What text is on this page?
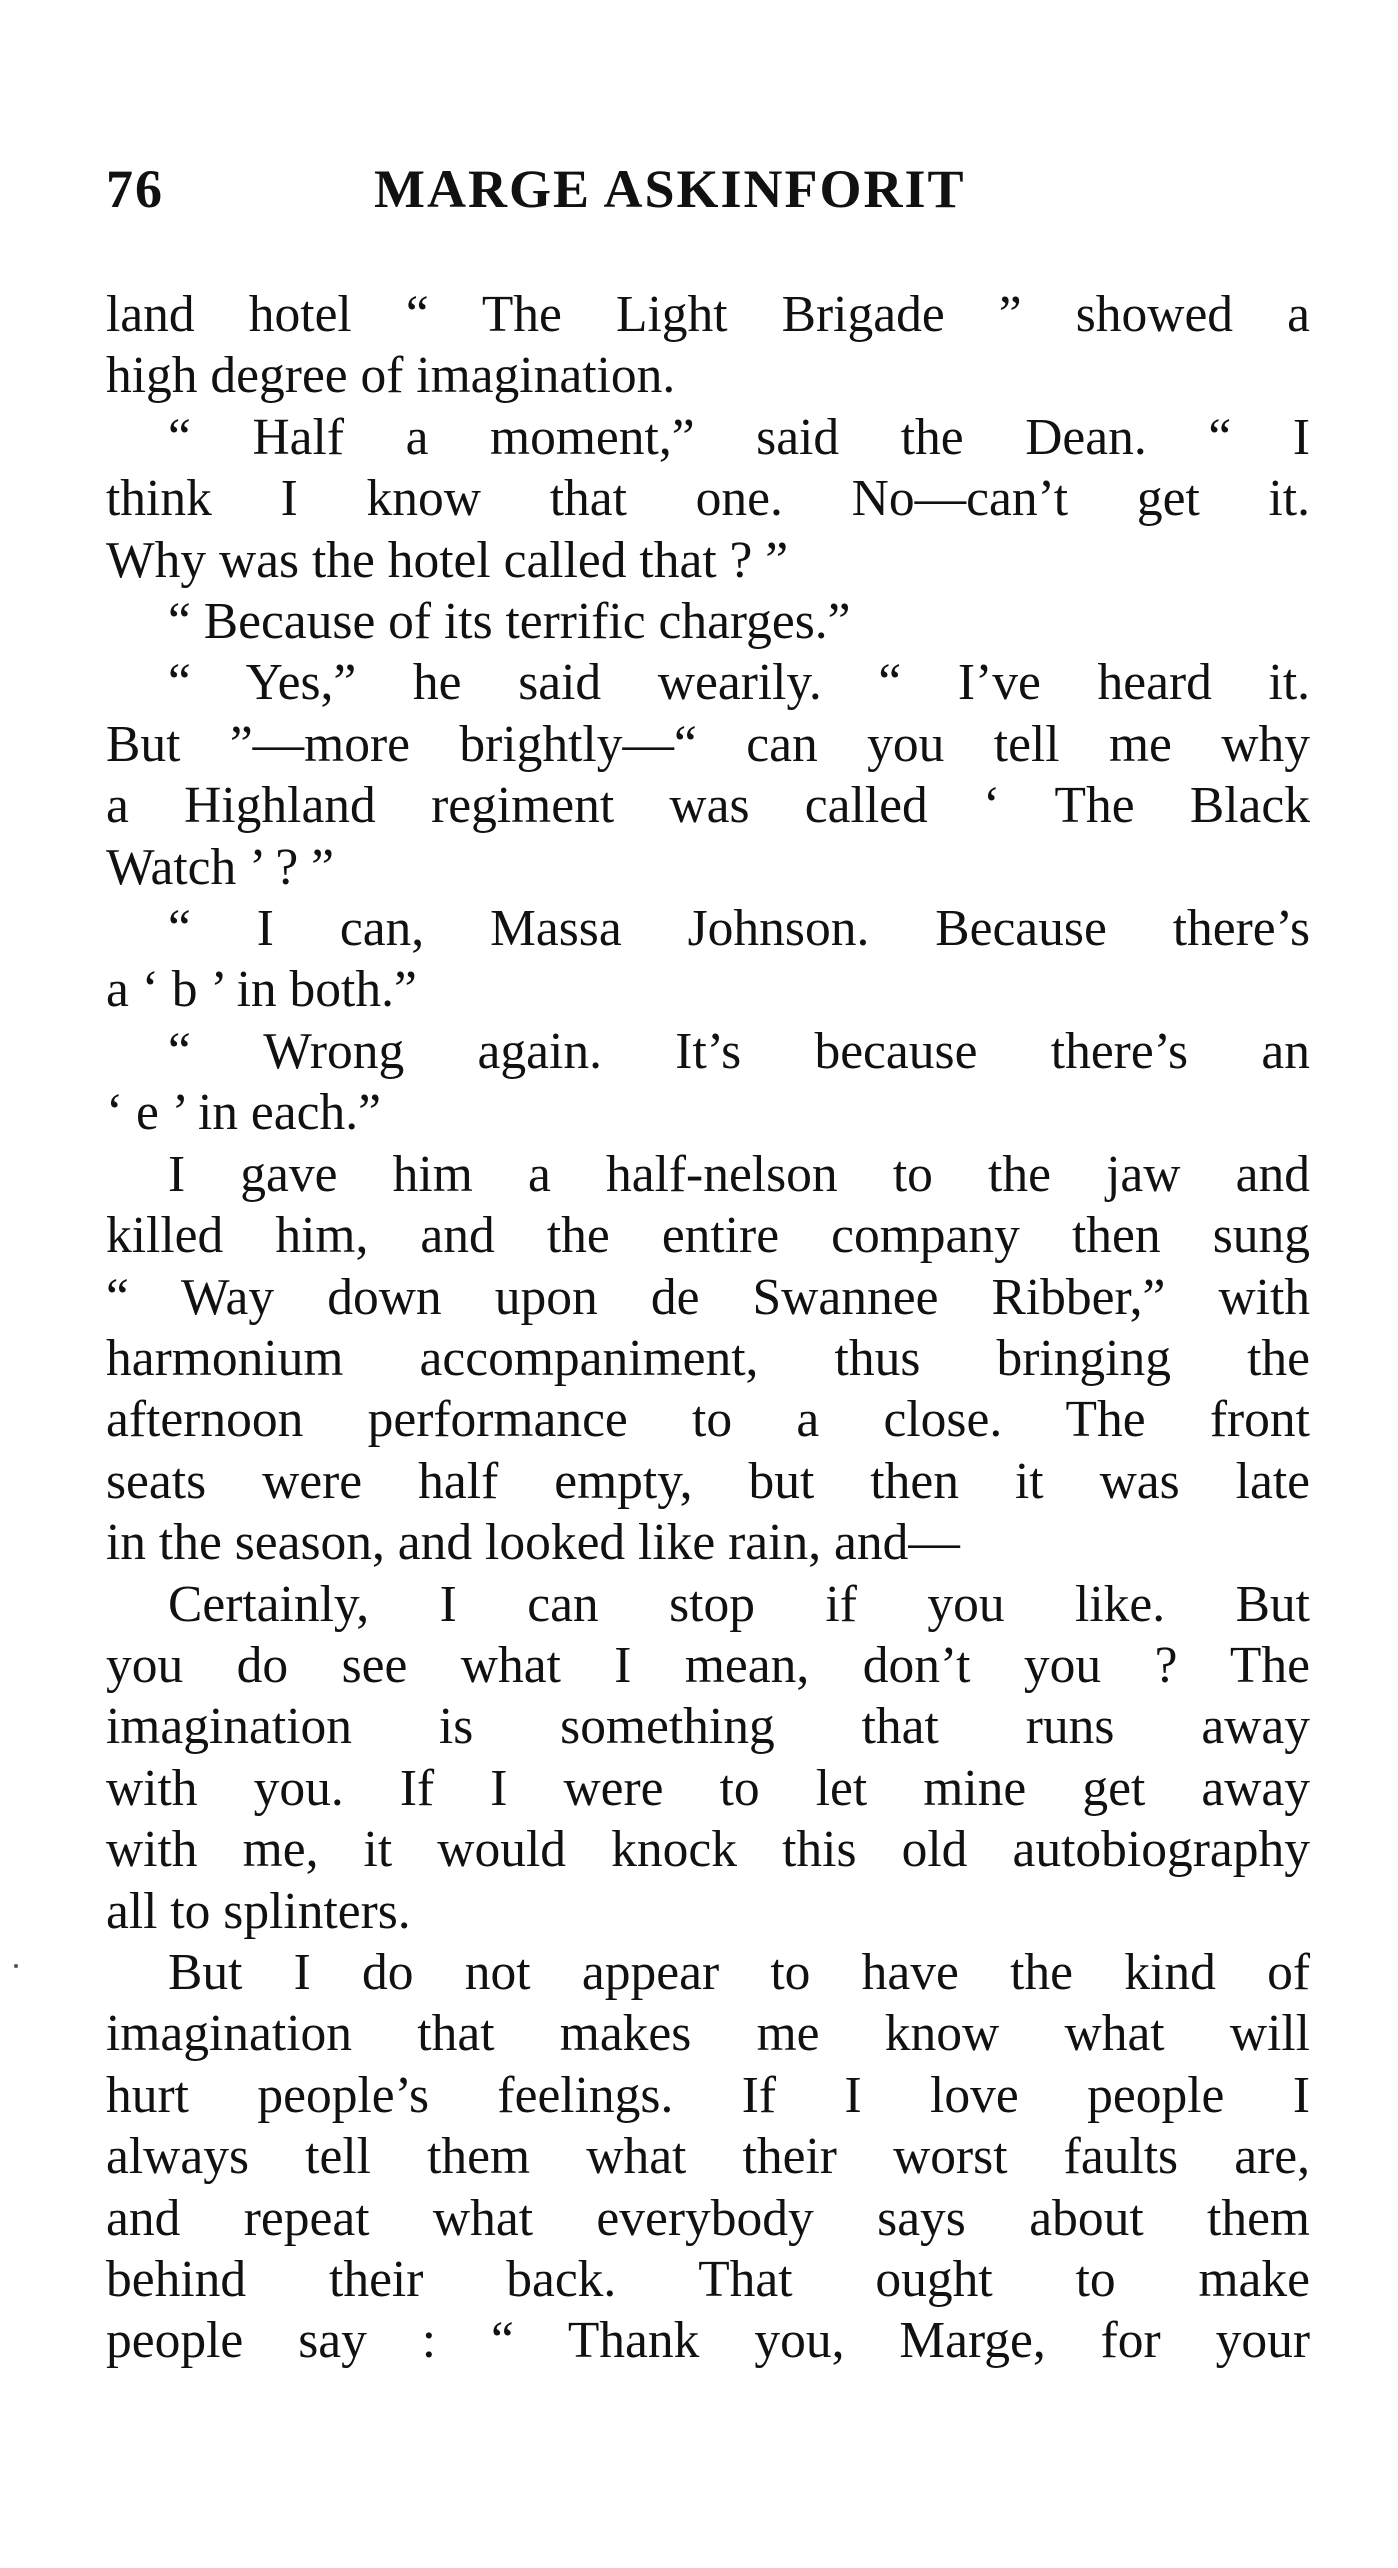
76	MARGE ASKINFORIT
land hotel “ The Light Brigade ” showed a
high degree of imagination.
“ Half a moment,” said the Dean. “ I
think I know that one. No—can’t get it.
Why was the hotel called that ? ”
“ Because of its terrific charges.”
“ Yes,” he said wearily. “ I’ve heard it.
But ”—more brightly—“ can you tell me why
a Highland regiment was called ‘ The Black
Watch ’ ? ”
“ I can, Massa Johnson. Because there’s
a ‘ b ’ in both.”
“ Wrong again. It’s because there’s an
‘ e ’ in each.”
I gave him a half-nelson to the jaw and
killed him, and the entire company then sung
“ Way down upon de Swannee Ribber,” with
harmonium accompaniment, thus bringing the
afternoon performance to a close. The front
seats were half empty, but then it was late
in the season, and looked like rain, and—
Certainly, I can stop if you like. But
you do see what I mean, don’t you ? The
imagination is something that runs away
with you. If I were to let mine get away
with me, it would knock this old autobiography
all to splinters.
But I do not appear to have the kind of
imagination that makes me know what will
hurt people’s feelings. If I love people I
always tell them what their worst faults are,
and repeat what everybody says about them
behind their back. That ought to make
people say : “ Thank you, Marge, for your
